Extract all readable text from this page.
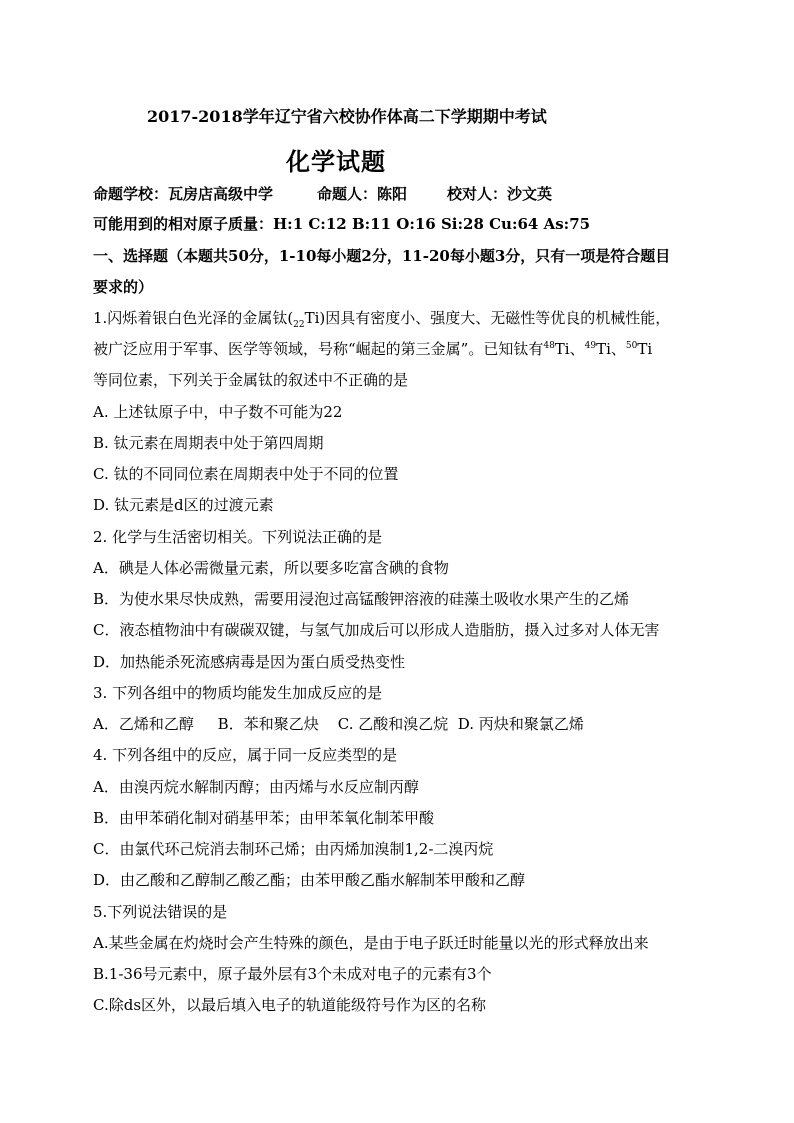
2017-2018学年辽宁省六校协作体高二下学期期中考试
化学试题
命题学校：瓦房店高级中学	命题人：陈阳	校对人：沙文英
可能用到的相对原子质量：H:1 C:12 B:11 O:16 Si:28 Cu:64 As:75
一、选择题（本题共50分，1-10每小题2分，11-20每小题3分，只有一项是符合题目
要求的）
1.闪烁着银白色光泽的金属钛$(_{22}Ti)$因具有密度小、强度大、无磁性等优良的机械性能，
被广泛应用于军事、医学等领域，号称“崛起的第三金属”。已知钛有$^{48}$Ti、$^{49}$Ti、$^{50}$Ti
等同位素，下列关于金属钛的叙述中不正确的是
A. 上述钛原子中，中子数不可能为22
B. 钛元素在周期表中处于第四周期
C. 钛的不同同位素在周期表中处于不同的位置
D. 钛元素是d区的过渡元素
2. 化学与生活密切相关。下列说法正确的是
A．碘是人体必需微量元素，所以要多吃富含碘的食物
B．为使水果尽快成熟，需要用浸泡过高锰酸钾溶液的硅藻土吸收水果产生的乙烯
C．液态植物油中有碳碳双键，与氢气加成后可以形成人造脂肪，摄入过多对人体无害
D．加热能杀死流感病毒是因为蛋白质受热变性
3. 下列各组中的物质均能发生加成反应的是
A．乙烯和乙醇     B．苯和聚乙炔    C. 乙酸和溴乙烷  D. 丙炔和聚氯乙烯
4. 下列各组中的反应，属于同一反应类型的是
A．由溴丙烷水解制丙醇；由丙烯与水反应制丙醇
B．由甲苯硝化制对硝基甲苯；由甲苯氧化制苯甲酸
C．由氯代环己烷消去制环己烯；由丙烯加溴制1,2-二溴丙烷
D．由乙酸和乙醇制乙酸乙酯；由苯甲酸乙酯水解制苯甲酸和乙醇
5.下列说法错误的是
A.某些金属在灼烧时会产生特殊的颜色，是由于电子跃迁时能量以光的形式释放出来
B.1-36号元素中，原子最外层有3个未成对电子的元素有3个
C.除ds区外，以最后填入电子的轨道能级符号作为区的名称
